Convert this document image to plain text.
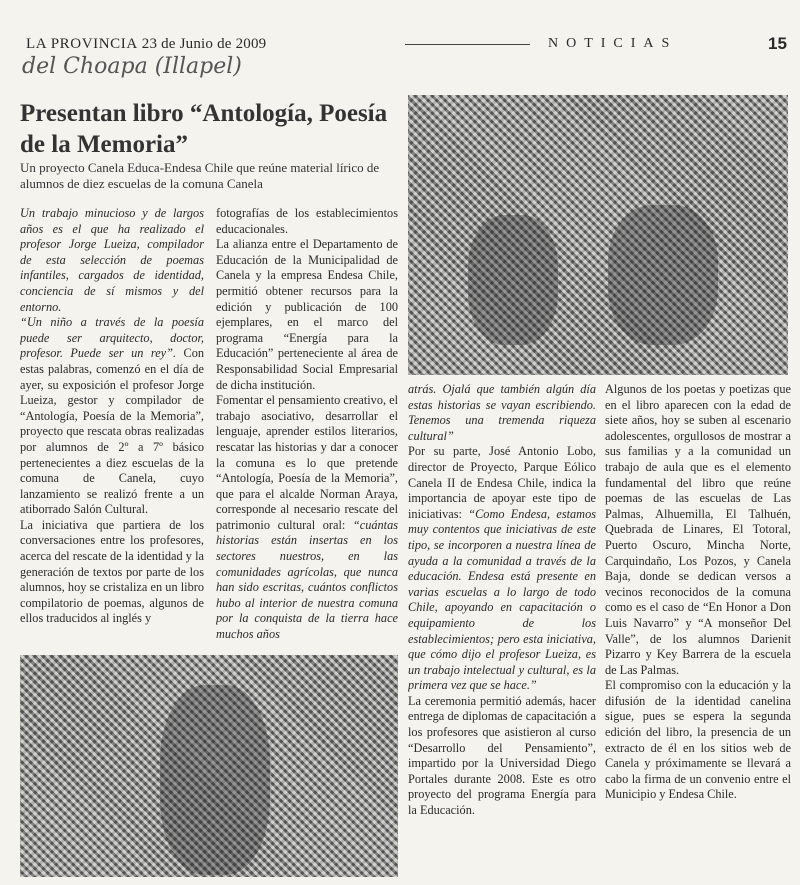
LA PROVINCIA 23 de Junio de 2009
del Choapa (Illapel)
NOTICIAS	15
Presentan libro “Antología, Poesía de la Memoria”
Un proyecto Canela Educa-Endesa Chile que reúne material lírico de alumnos de diez escuelas de la comuna Canela

Un trabajo minucioso y de largos años es el que ha realizado el profesor Jorge Lueiza, compilador de esta selección de poemas infantiles, cargados de identidad, conciencia de sí mismos y del entorno.

“Un niño a través de la poesía puede ser arquitecto, doctor, profesor. Puede ser un rey”. Con estas palabras, comenzó en el día de ayer, su exposición el profesor Jorge Lueiza, gestor y compilador de “Antología, Poesía de la Memoria”, proyecto que rescata obras realizadas por alumnos de 2º a 7º básico pertenecientes a diez escuelas de la comuna de Canela, cuyo lanzamiento se realizó frente a un atiborrado Salón Cultural.

La iniciativa que partiera de los conversaciones entre los profesores, acerca del rescate de la identidad y la generación de textos por parte de los alumnos, hoy se cristaliza en un libro compilatorio de poemas, algunos de ellos traducidos al inglés y

fotografías de los establecimientos educacionales.

La alianza entre el Departamento de Educación de la Municipalidad de Canela y la empresa Endesa Chile, permitió obtener recursos para la edición y publicación de 100 ejemplares, en el marco del programa “Energía para la Educación” perteneciente al área de Responsabilidad Social Empresarial de dicha institución.

Fomentar el pensamiento creativo, el trabajo asociativo, desarrollar el lenguaje, aprender estilos literarios, rescatar las historias y dar a conocer la comuna es lo que pretende “Antología, Poesía de la Memoria”, que para el alcalde Norman Araya, corresponde al necesario rescate del patrimonio cultural oral: “cuántas historias están insertas en los sectores nuestros, en las comunidades agrícolas, que nunca han sido escritas, cuántos conflictos hubo al interior de nuestra comuna por la conquista de la tierra hace muchos años

atrás. Ojalá que también algún día estas historias se vayan escribiendo. Tenemos una tremenda riqueza cultural”

Por su parte, José Antonio Lobo, director de Proyecto, Parque Eólico Canela II de Endesa Chile, indica la importancia de apoyar este tipo de iniciativas: “Como Endesa, estamos muy contentos que iniciativas de este tipo, se incorporen a nuestra línea de ayuda a la comunidad a través de la educación. Endesa está presente en varias escuelas a lo largo de todo Chile, apoyando en capacitación o equipamiento de los establecimientos; pero esta iniciativa, que cómo dijo el profesor Lueiza, es un trabajo intelectual y cultural, es la primera vez que se hace.”

La ceremonia permitió además, hacer entrega de diplomas de capacitación a los profesores que asistieron al curso “Desarrollo del Pensamiento”, impartido por la Universidad Diego Portales durante 2008. Este es otro proyecto del programa Energía para la Educación.

Algunos de los poetas y poetizas que en el libro aparecen con la edad de siete años, hoy se suben al escenario adolescentes, orgullosos de mostrar a sus familias y a la comunidad un trabajo de aula que es el elemento fundamental del libro que reúne poemas de las escuelas de Las Palmas, Alhuemilla, El Talhuén, Quebrada de Linares, El Totoral, Puerto Oscuro, Mincha Norte, Carquindaño, Los Pozos, y Canela Baja, donde se dedican versos a vecinos reconocidos de la comuna como es el caso de “En Honor a Don Luis Navarro” y “A monseñor Del Valle”, de los alumnos Darienit Pizarro y Key Barrera de la escuela de Las Palmas.

El compromiso con la educación y la difusión de la identidad canelina sigue, pues se espera la segunda edición del libro, la presencia de un extracto de él en los sitios web de Canela y próximamente se llevará a cabo la firma de un convenio entre el Municipio y Endesa Chile.
